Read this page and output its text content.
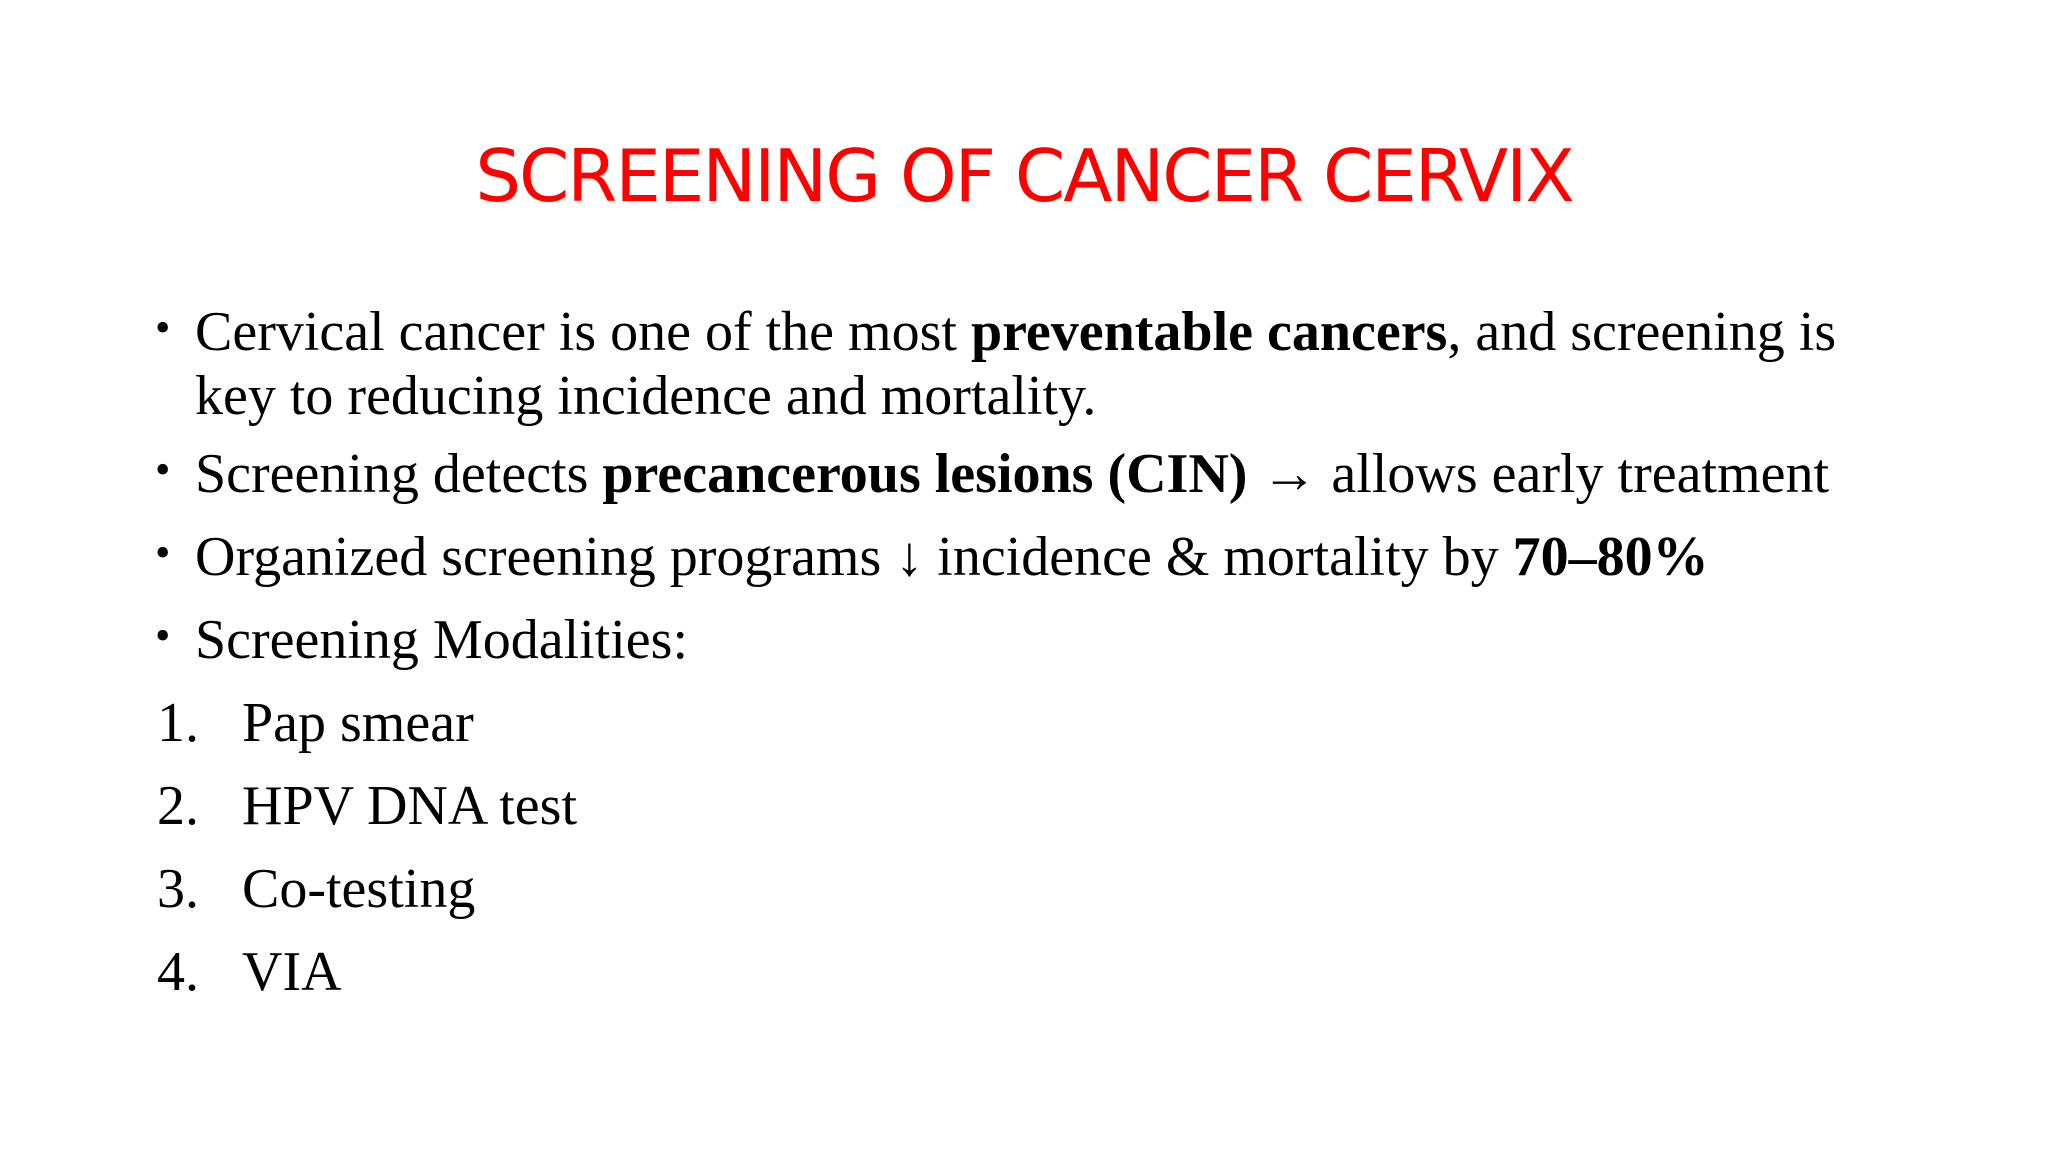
SCREENING OF CANCER CERVIX
• Cervical cancer is one of the most preventable cancers, and screening is key to reducing incidence and mortality.
• Screening detects precancerous lesions (CIN) → allows early treatment
• Organized screening programs ↓ incidence & mortality by 70–80%
• Screening Modalities:
1. Pap smear
2. HPV DNA test
3. Co-testing
4. VIA
